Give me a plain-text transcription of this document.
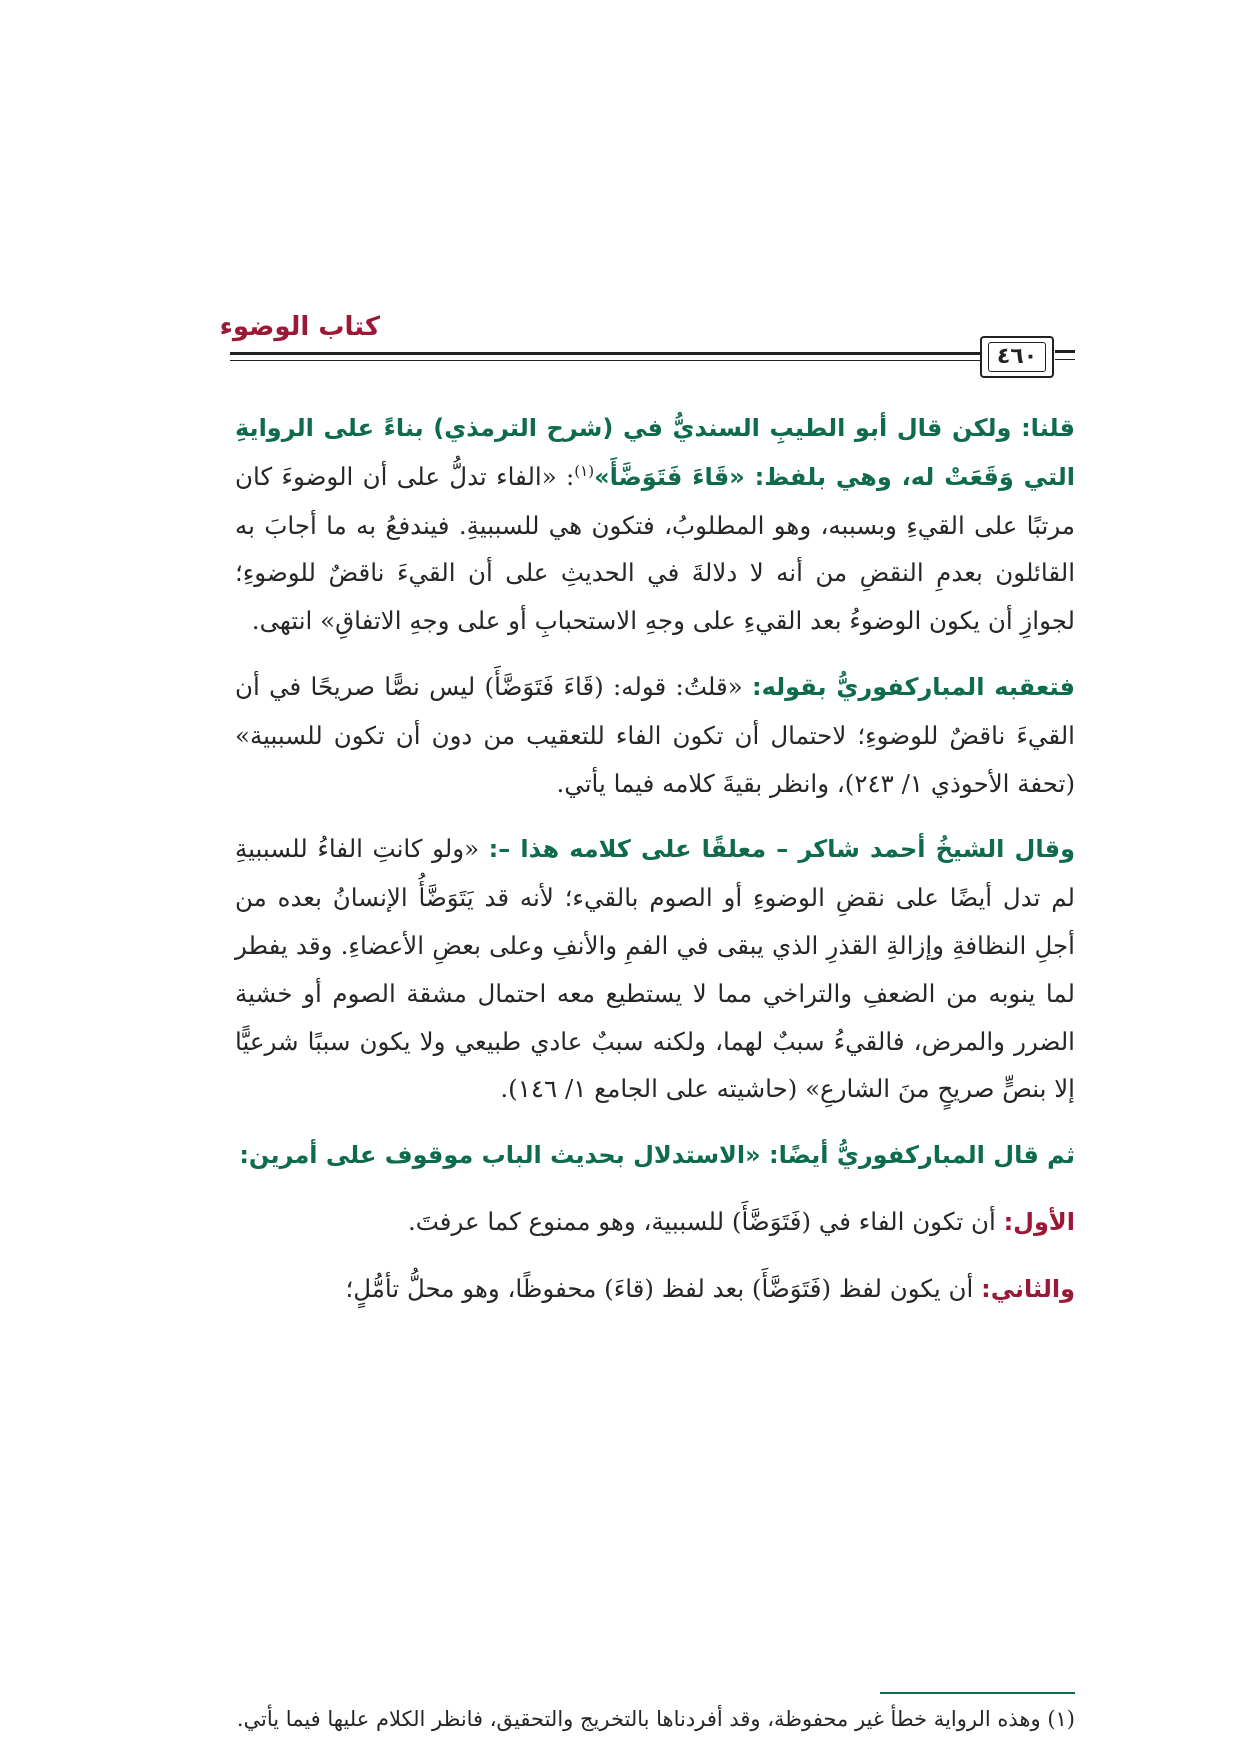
كتاب الوضوء
٤٦٠

قلنا: ولكن قال أبو الطيبِ السنديُّ في (شرح الترمذي) بناءً على الروايةِ التي وَقَعَتْ له، وهي بلفظ: «قَاءَ فَتَوَضَّأَ»$^{(١)}$: «الفاء تدلُّ على أن الوضوءَ كان مرتبًا على القيءِ وبسببه، وهو المطلوبُ، فتكون هي للسببيةِ. فيندفعُ به ما أجابَ به القائلون بعدمِ النقضِ من أنه لا دلالةَ في الحديثِ على أن القيءَ ناقضٌ للوضوءِ؛ لجوازِ أن يكون الوضوءُ بعد القيءِ على وجهِ الاستحبابِ أو على وجهِ الاتفاقِ» انتهى.

فتعقبه المباركفوريُّ بقوله: «قلتُ: قوله: (قَاءَ فَتَوَضَّأَ) ليس نصًّا صريحًا في أن القيءَ ناقضٌ للوضوءِ؛ لاحتمال أن تكون الفاء للتعقيب من دون أن تكون للسببية» (تحفة الأحوذي ١/ ٢٤٣)، وانظر بقيةَ كلامه فيما يأتي.

وقال الشيخُ أحمد شاكر – معلقًا على كلامه هذا –: «ولو كانتِ الفاءُ للسببيةِ لم تدل أيضًا على نقضِ الوضوءِ أو الصوم بالقيء؛ لأنه قد يَتَوَضَّأُ الإنسانُ بعده من أجلِ النظافةِ وإزالةِ القذرِ الذي يبقى في الفمِ والأنفِ وعلى بعضِ الأعضاءِ. وقد يفطر لما ينوبه من الضعفِ والتراخي مما لا يستطيع معه احتمال مشقة الصوم أو خشية الضرر والمرض، فالقيءُ سببٌ لهما، ولكنه سببٌ عادي طبيعي ولا يكون سببًا شرعيًّا إلا بنصٍّ صريحٍ منَ الشارعِ» (حاشيته على الجامع ١/ ١٤٦).

ثم قال المباركفوريُّ أيضًا: «الاستدلال بحديث الباب موقوف على أمرين:

الأول: أن تكون الفاء في (فَتَوَضَّأَ) للسببية، وهو ممنوع كما عرفتَ.

والثاني: أن يكون لفظ (فَتَوَضَّأَ) بعد لفظ (قاءَ) محفوظًا، وهو محلُّ تأمُّلٍ؛

(١) وهذه الرواية خطأ غير محفوظة، وقد أفردناها بالتخريج والتحقيق، فانظر الكلام عليها فيما يأتي.
